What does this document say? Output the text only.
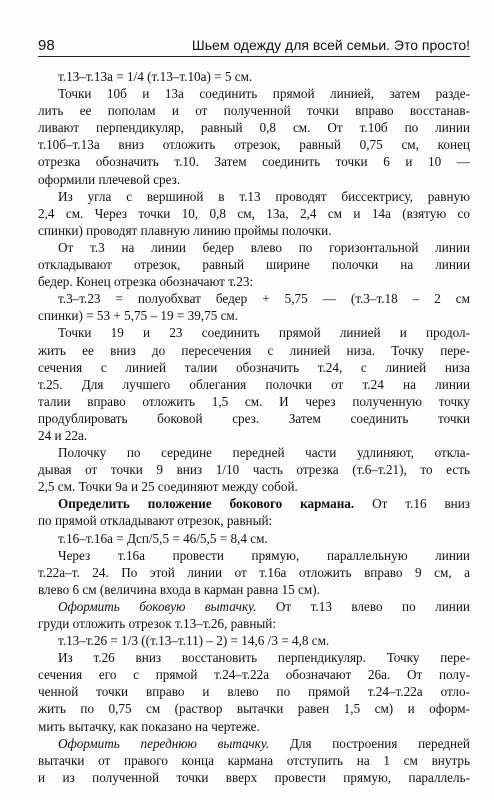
98	Шьем одежду для всей семьи. Это просто!
т.13–т.13а = 1/4 (т.13–т.10а) = 5 см.
Точки 10б и 13а соединить прямой линией, затем разде-
лить ее пополам и от полученной точки вправо восстанав-
ливают перпендикуляр, равный 0,8 см. От т.10б по линии
т.10б–т.13а вниз отложить отрезок, равный 0,75 см, конец
отрезка обозначить т.10. Затем соединить точки 6 и 10 —
оформили плечевой срез.
Из угла с вершиной в т.13 проводят биссектрису, равную
2,4 см. Через точки 10, 0,8 см, 13а, 2,4 см и 14а (взятую со
спинки) проводят плавную линию проймы полочки.
От т.3 на линии бедер влево по горизонтальной линии
откладывают отрезок, равный ширине полочки на линии
бедер. Конец отрезка обозначают т.23:
т.3–т.23 = полуобхват бедер + 5,75 — (т.3–т.18 – 2 см
спинки) = 53 + 5,75 – 19 = 39,75 см.
Точки 19 и 23 соединить прямой линией и продол-
жить ее вниз до пересечения с линией низа. Точку пере-
сечения с линией талии обозначить т.24, с линией низа
т.25. Для лучшего облегания полочки от т.24 на линии
талии вправо отложить 1,5 см. И через полученную точку
продублировать боковой срез. Затем соединить точки
24 и 22а.
Полочку по середине передней части удлиняют, откла-
дывая от точки 9 вниз 1/10 часть отрезка (т.6–т.21), то есть
2,5 см. Точки 9а и 25 соединяют между собой.
Определить положение бокового кармана. От т.16 вниз
по прямой откладывают отрезок, равный:
т.16–т.16а = Дсп/5,5 = 46/5,5 = 8,4 см.
Через т.16а провести прямую, параллельную линии
т.22а–т. 24. По этой линии от т.16а отложить вправо 9 см, а
влево 6 см (величина входа в карман равна 15 см).
Оформить боковую вытачку. От т.13 влево по линии
груди отложить отрезок т.13–т.26, равный:
т.13–т.26 = 1/3 ((т.13–т.11) – 2) = 14,6 /3 = 4,8 см.
Из т.26 вниз восстановить перпендикуляр. Точку пере-
сечения его с прямой т.24–т.22а обозначают 26а. От полу-
ченной точки вправо и влево по прямой т.24–т.22а отло-
жить по 0,75 см (раствор вытачки равен 1,5 см) и оформ-
мить вытачку, как показано на чертеже.
Оформить переднюю вытачку. Для построения передней
вытачки от правого конца кармана отступить на 1 см внутрь
и из полученной точки вверх провести прямую, параллель-
